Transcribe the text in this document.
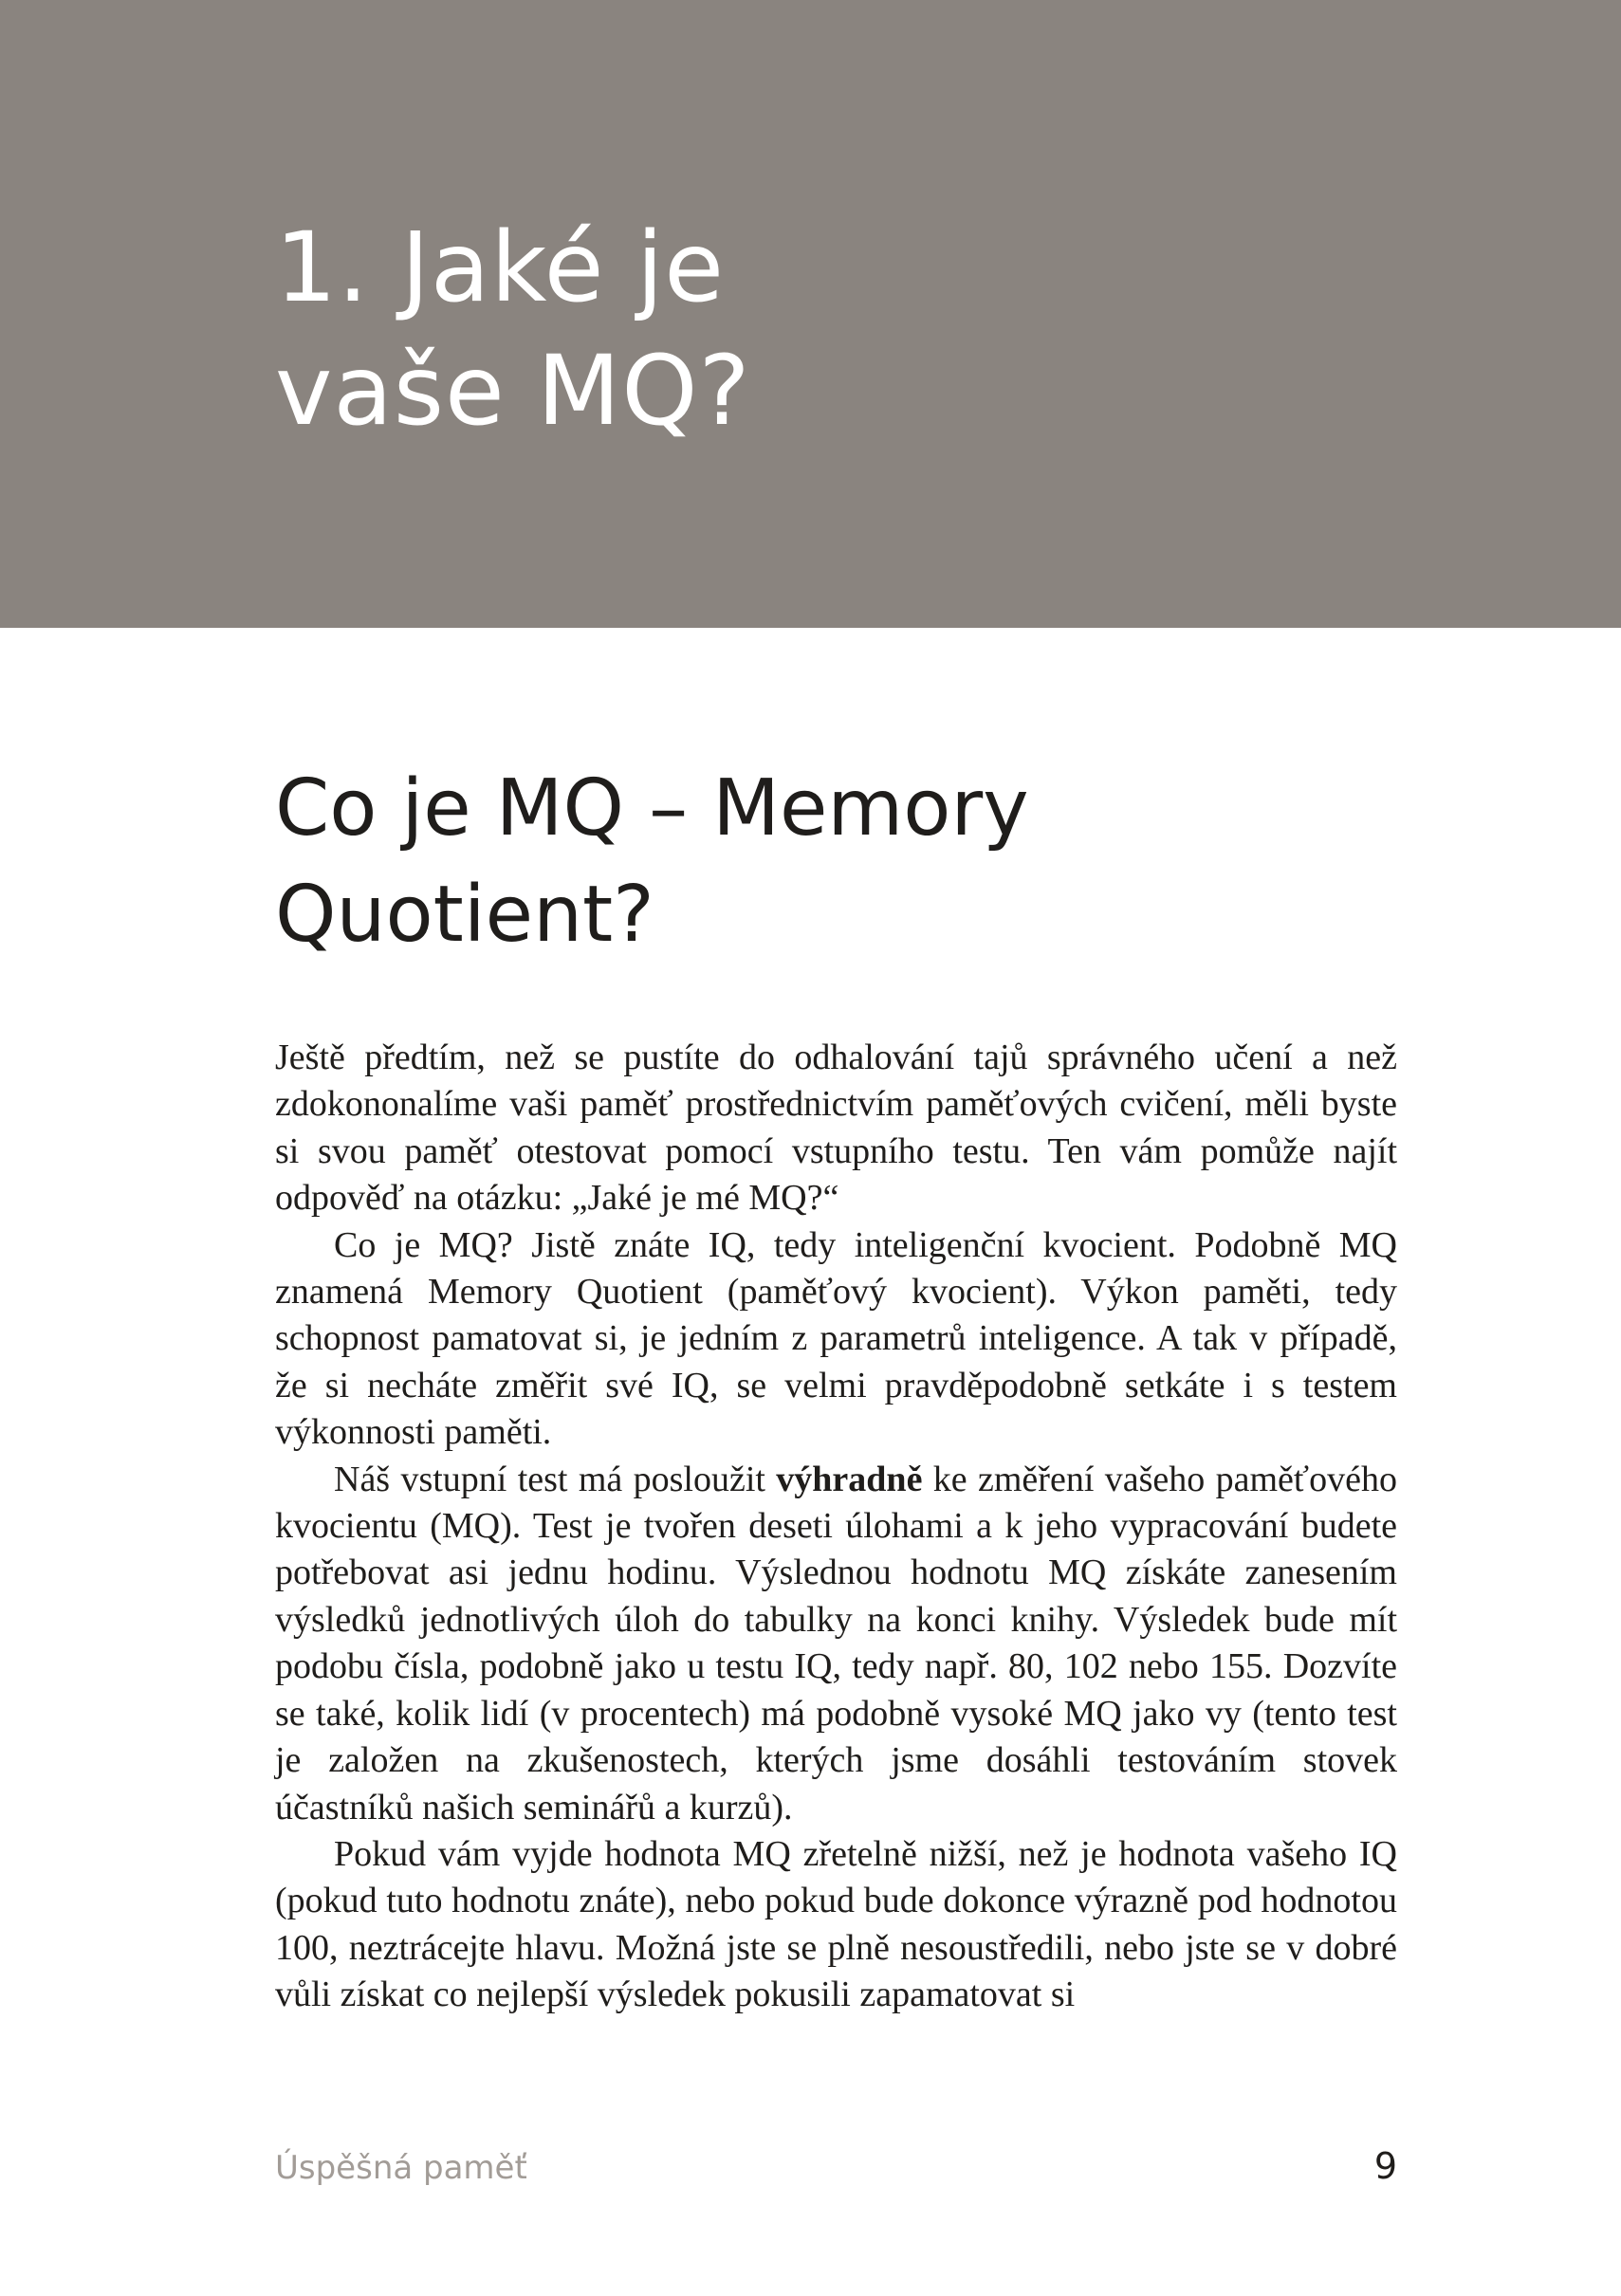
1. Jaké je
vaše MQ?
Co je MQ – Memory
Quotient?

Ještě předtím, než se pustíte do odhalování tajů správného učení a než zdokononalíme vaši paměť prostřednictvím paměťových cvičení, měli byste si svou paměť otestovat pomocí vstupního testu. Ten vám pomůže najít odpověď na otázku: „Jaké je mé MQ?“

Co je MQ? Jistě znáte IQ, tedy inteligenční kvocient. Podobně MQ znamená Memory Quotient (paměťový kvocient). Výkon paměti, tedy schopnost pamatovat si, je jedním z parametrů inteligence. A tak v případě, že si necháte změřit své IQ, se velmi pravděpodobně setkáte i s testem výkonnosti paměti.

Náš vstupní test má posloužit výhradně ke změření vašeho paměťového kvocientu (MQ). Test je tvořen deseti úlohami a k jeho vypracování budete potřebovat asi jednu hodinu. Výslednou hodnotu MQ získáte zanesením výsledků jednotlivých úloh do tabulky na konci knihy. Výsledek bude mít podobu čísla, podobně jako u testu IQ, tedy např. 80, 102 nebo 155. Dozvíte se také, kolik lidí (v procentech) má podobně vysoké MQ jako vy (tento test je založen na zkušenostech, kterých jsme dosáhli testováním stovek účastníků našich seminářů a kurzů).

Pokud vám vyjde hodnota MQ zřetelně nižší, než je hodnota vašeho IQ (pokud tuto hodnotu znáte), nebo pokud bude dokonce výrazně pod hodnotou 100, neztrácejte hlavu. Možná jste se plně nesoustředili, nebo jste se v dobré vůli získat co nejlepší výsledek pokusili zapamatovat si

Úspěšná paměť	9
